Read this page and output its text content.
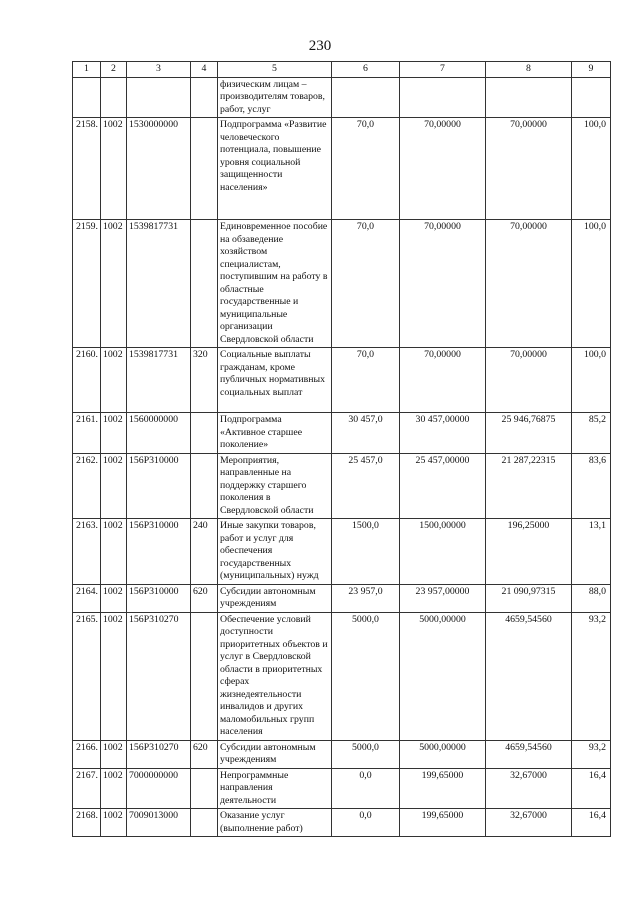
230
1	2	3	4	5	6	7	8	9
				физическим лицам – производителям товаров, работ, услуг				
2158.	1002	1530000000		Подпрограмма «Развитие человеческого потенциала, повышение уровня социальной защищенности населения»	70,0	70,00000	70,00000	100,0
2159.	1002	1539817731		Единовременное пособие на обзаведение хозяйством специалистам, поступившим на работу в областные государственные и муниципальные организации Свердловской области	70,0	70,00000	70,00000	100,0
2160.	1002	1539817731	320	Социальные выплаты гражданам, кроме публичных нормативных социальных выплат	70,0	70,00000	70,00000	100,0
2161.	1002	1560000000		Подпрограмма «Активное старшее поколение»	30 457,0	30 457,00000	25 946,76875	85,2
2162.	1002	156P310000		Мероприятия, направленные на поддержку старшего поколения в Свердловской области	25 457,0	25 457,00000	21 287,22315	83,6
2163.	1002	156P310000	240	Иные закупки товаров, работ и услуг для обеспечения государственных (муниципальных) нужд	1500,0	1500,00000	196,25000	13,1
2164.	1002	156P310000	620	Субсидии автономным учреждениям	23 957,0	23 957,00000	21 090,97315	88,0
2165.	1002	156P310270		Обеспечение условий доступности приоритетных объектов и услуг в Свердловской области в приоритетных сферах жизнедеятельности инвалидов и других маломобильных групп населения	5000,0	5000,00000	4659,54560	93,2
2166.	1002	156P310270	620	Субсидии автономным учреждениям	5000,0	5000,00000	4659,54560	93,2
2167.	1002	7000000000		Непрограммные направления деятельности	0,0	199,65000	32,67000	16,4
2168.	1002	7009013000		Оказание услуг (выполнение работ)	0,0	199,65000	32,67000	16,4
